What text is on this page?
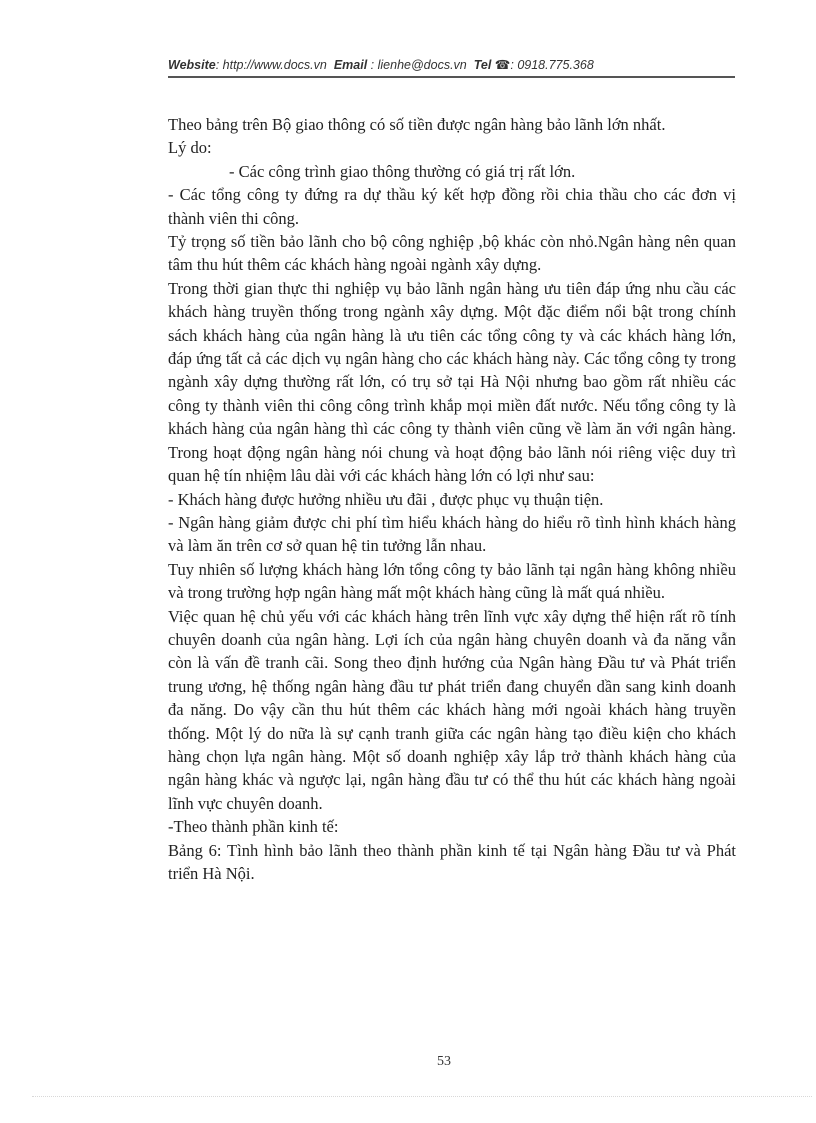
Website: http://www.docs.vn Email : lienhe@docs.vn Tel ☎: 0918.775.368

Theo bảng trên Bộ giao thông có số tiền được ngân hàng bảo lãnh lớn nhất.

Lý do:

- Các công trình giao thông thường có giá trị rất lớn.

- Các tổng công ty đứng ra dự thầu ký kết hợp đồng rồi chia thầu cho các đơn vị thành viên thi công.

Tỷ trọng số tiền bảo lãnh cho bộ công nghiệp ,bộ khác còn nhỏ.Ngân hàng nên quan tâm thu hút thêm các khách hàng ngoài ngành xây dựng.

Trong thời gian thực thi nghiệp vụ bảo lãnh ngân hàng ưu tiên đáp ứng nhu cầu các khách hàng truyền thống trong ngành xây dựng. Một đặc điểm nổi bật trong chính sách khách hàng của ngân hàng là ưu tiên các tổng công ty và các khách hàng lớn, đáp ứng tất cả các dịch vụ ngân hàng cho các khách hàng này. Các tổng công ty trong ngành xây dựng thường rất lớn, có trụ sở tại Hà Nội nhưng bao gồm rất nhiều các công ty thành viên thi công công trình khắp mọi miền đất nước. Nếu tổng công ty là khách hàng của ngân hàng thì các công ty thành viên cũng về làm ăn với ngân hàng. Trong hoạt động ngân hàng nói chung và hoạt động bảo lãnh nói riêng việc duy trì quan hệ tín nhiệm lâu dài với các khách hàng lớn có lợi như sau:

- Khách hàng được hưởng nhiều ưu đãi , được phục vụ thuận tiện.

- Ngân hàng giảm được chi phí tìm hiểu khách hàng do hiểu rõ tình hình khách hàng và làm ăn trên cơ sở quan hệ tin tưởng lẫn nhau.

Tuy nhiên số lượng khách hàng lớn tổng công ty bảo lãnh tại ngân hàng không nhiều và trong trường hợp ngân hàng mất một khách hàng cũng là mất quá nhiều.

Việc quan hệ chủ yếu với các khách hàng trên lĩnh vực xây dựng thể hiện rất rõ tính chuyên doanh của ngân hàng. Lợi ích của ngân hàng chuyên doanh và đa năng vẫn còn là vấn đề tranh cãi. Song theo định hướng của Ngân hàng Đầu tư và Phát triển trung ương, hệ thống ngân hàng đầu tư phát triển đang chuyển dần sang kinh doanh đa năng. Do vậy cần thu hút thêm các khách hàng mới ngoài khách hàng truyền thống. Một lý do nữa là sự cạnh tranh giữa các ngân hàng tạo điều kiện cho khách hàng chọn lựa ngân hàng. Một số doanh nghiệp xây lắp trở thành khách hàng của ngân hàng khác và ngược lại, ngân hàng đầu tư có thể thu hút các khách hàng ngoài lĩnh vực chuyên doanh.

-Theo thành phần kinh tế:

Bảng 6: Tình hình bảo lãnh theo thành phần kinh tế tại Ngân hàng Đầu tư và Phát triển Hà Nội.

53
